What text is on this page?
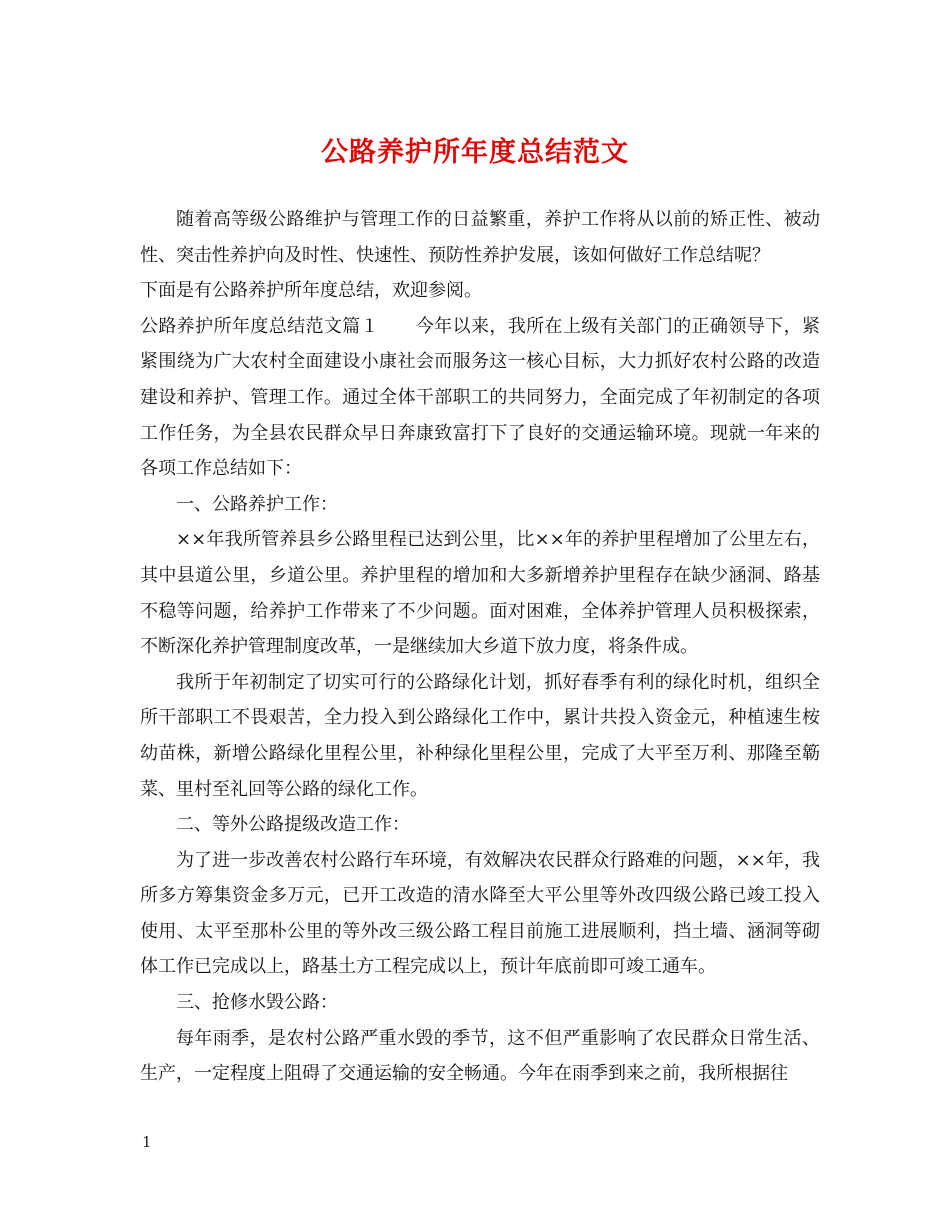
公路养护所年度总结范文

随着高等级公路维护与管理工作的日益繁重，养护工作将从以前的矫正性、被动性、突击性养护向及时性、快速性、预防性养护发展，该如何做好工作总结呢？

下面是有公路养护所年度总结，欢迎参阅。

公路养护所年度总结范文篇１　　今年以来，我所在上级有关部门的正确领导下，紧紧围绕为广大农村全面建设小康社会而服务这一核心目标，大力抓好农村公路的改造建设和养护、管理工作。通过全体干部职工的共同努力，全面完成了年初制定的各项工作任务，为全县农民群众早日奔康致富打下了良好的交通运输环境。现就一年来的各项工作总结如下：

一、公路养护工作：

××年我所管养县乡公路里程已达到公里，比××年的养护里程增加了公里左右，其中县道公里，乡道公里。养护里程的增加和大多新增养护里程存在缺少涵洞、路基不稳等问题，给养护工作带来了不少问题。面对困难，全体养护管理人员积极探索，不断深化养护管理制度改革，一是继续加大乡道下放力度，将条件成。

我所于年初制定了切实可行的公路绿化计划，抓好春季有利的绿化时机，组织全所干部职工不畏艰苦，全力投入到公路绿化工作中，累计共投入资金元，种植速生桉幼苗株，新增公路绿化里程公里，补种绿化里程公里，完成了大平至万利、那隆至簕菜、里村至礼回等公路的绿化工作。

二、等外公路提级改造工作：

为了进一步改善农村公路行车环境，有效解决农民群众行路难的问题，××年，我所多方筹集资金多万元，已开工改造的清水降至大平公里等外改四级公路已竣工投入使用、太平至那朴公里的等外改三级公路工程目前施工进展顺利，挡土墙、涵洞等砌体工作已完成以上，路基土方工程完成以上，预计年底前即可竣工通车。

三、抢修水毁公路：

每年雨季，是农村公路严重水毁的季节，这不但严重影响了农民群众日常生活、生产，一定程度上阻碍了交通运输的安全畅通。今年在雨季到来之前，我所根据往

1
